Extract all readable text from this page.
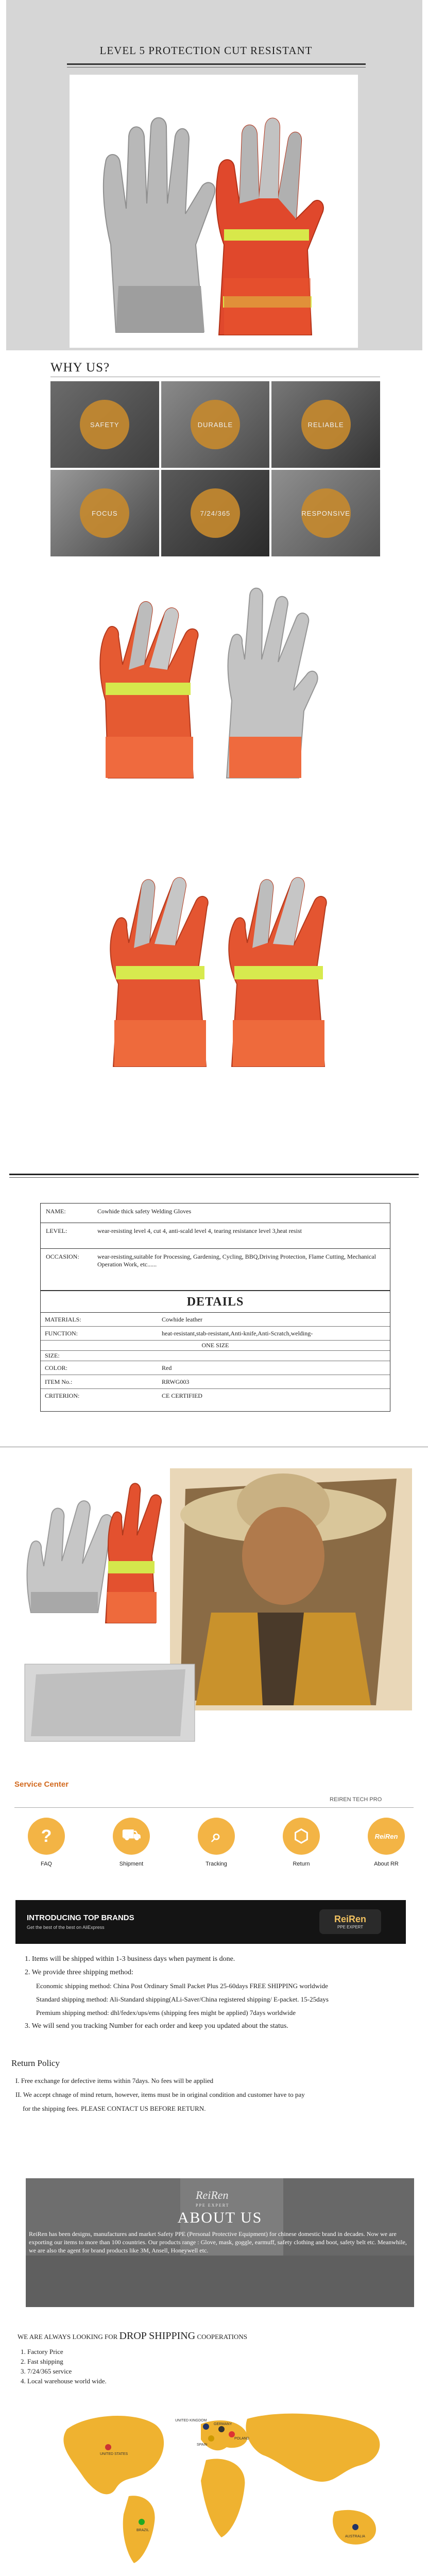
LEVEL 5 PROTECTION CUT RESISTANT
WHY US?
SAFETY	DURABLE	RELIABLE
FOCUS	7/24/365	RESPONSIVE
NAME:	Cowhide thick safety Welding Gloves
LEVEL:	wear-resisting level 4, cut 4, anti-scald level 4, tearing resistance level 3,heat resist
OCCASION:	wear-resisting,suitable for Processing, Gardening, Cycling, BBQ,Driving Protection, Flame Cutting, Mechanical Operation Work, etc......
DETAILS
MATERIALS:	Cowhide leather
FUNCTION:	heat-resistant,stab-resistant,Anti-knife,Anti-Scratch,welding-
ONE SIZE
SIZE:
COLOR:	Red
ITEM No.:	RRWG003
CRITERION:	CE CERTIFIED
Service Center
REIREN TECH PRO
?
FAQ
⛟
Shipment
⌕
Tracking
⬡
Return
ReiRen
About RR
INTRODUCING TOP BRANDS
Get the best of the best on AliExpress
ReiRen
PPE EXPERT

1. Items will be shipped within 1-3 business days when payment is done.

2. We provide three shipping method:

Economic shipping method: China Post Ordinary Small Packet Plus 25-60days FREE SHIPPING worldwide

Standard shipping method: Ali-Standard shipping(ALi-Saver/China registered shipping/ E-packet. 15-25days

Premium shipping method: dhl/fedex/ups/ems (shipping fees might be applied) 7days worldwide

3. We will send you tracking Number for each order and keep you updated about the status.

Return Policy

I. Free exchange for defective items within 7days. No fees will be applied

II. We accept chnage of mind return, however, items must be in original condition and customer have to pay

for the shipping fees. PLEASE CONTACT US BEFORE RETURN.

ReiRen
PPE EXPERT
ABOUT US
ReiRen has been designs, manufactures and market Safety PPE (Personal Protective Equipment) for chinese domestic brand in decades. Now we are exporting our items to more than 100 countries. Our products range : Glove, mask, goggle, earmuff, safety clothing and boot, safety belt etc. Meanwhile, we are also the agent for brand products like 3M, Ansell, Honeywell etc.
WE ARE ALWAYS LOOKING FOR DROP SHIPPING COOPERATIONS

1. Factory Price

2. Fast shipping

3. 7/24/365 service

4. Local warehouse world wide.

UNITED STATES
GERMANY
SPAIN
POLAND
UNITED KINGDOM
BRAZIL
AUSTRALIA
